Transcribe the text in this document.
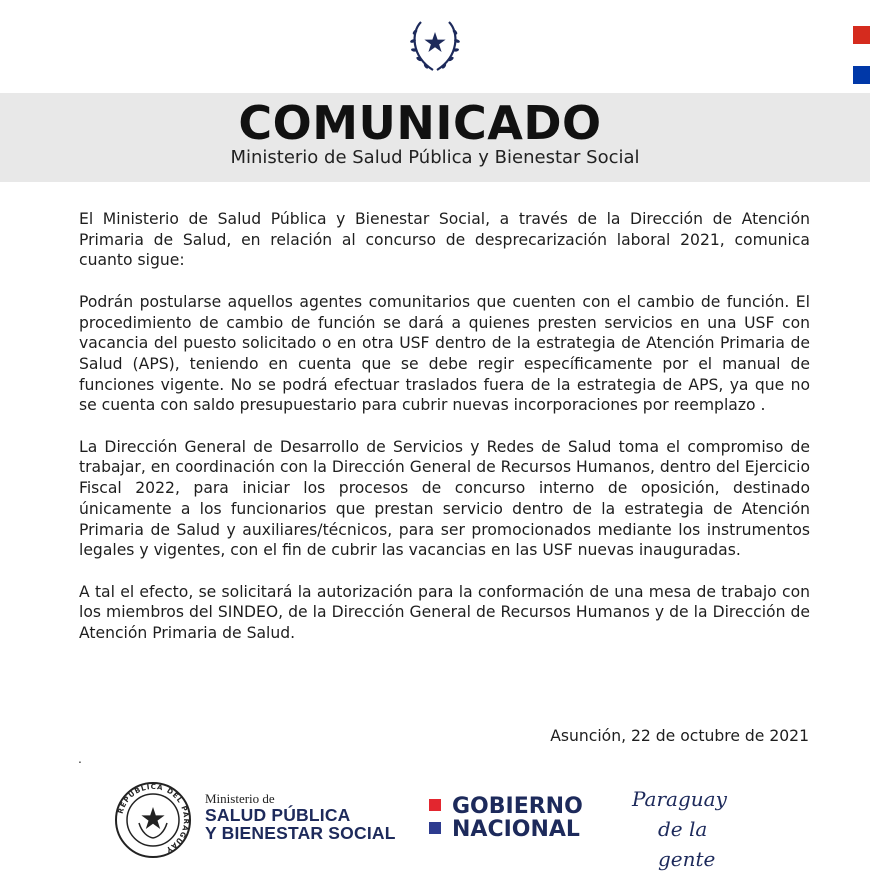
COMUNICADO
Ministerio de Salud Pública y Bienestar Social

El Ministerio de Salud Pública y Bienestar Social, a través de la Dirección de Atención Primaria de Salud, en relación al concurso de desprecarización laboral 2021, comunica cuanto sigue:

Podrán postularse aquellos agentes comunitarios que cuenten con el cambio de función. El procedimiento de cambio de función se dará a quienes presten servicios en una USF con vacancia del puesto solicitado o en otra USF dentro de la estrategia de Atención Primaria de Salud (APS), teniendo en cuenta que se debe regir específicamente por el manual de funciones vigente. No se podrá efectuar traslados fuera de la estrategia de APS, ya que no se cuenta con saldo presupuestario para cubrir nuevas incorporaciones por reemplazo .

La Dirección General de Desarrollo de Servicios y Redes de Salud toma el compromiso de trabajar, en coordinación con la Dirección General de Recursos Humanos, dentro del Ejercicio Fiscal 2022, para iniciar los procesos de concurso interno de oposición, destinado únicamente a los funcionarios que prestan servicio dentro de la estrategia de Atención Primaria de Salud y auxiliares/técnicos, para ser promocionados mediante los instrumentos legales y vigentes, con el fin de cubrir las vacancias en las USF nuevas inauguradas.

A tal el efecto, se solicitará la autorización para la conformación de una mesa de trabajo con los miembros del SINDEO, de la Dirección General de Recursos Humanos y de la Dirección de Atención Primaria de Salud.

Asunción, 22 de octubre de 2021
.
REPÚBLICA DEL PARAGUAY
Ministerio de
SALUD PÚBLICA
Y BIENESTAR SOCIAL
GOBIERNO
NACIONAL
Paraguay
de la gente
